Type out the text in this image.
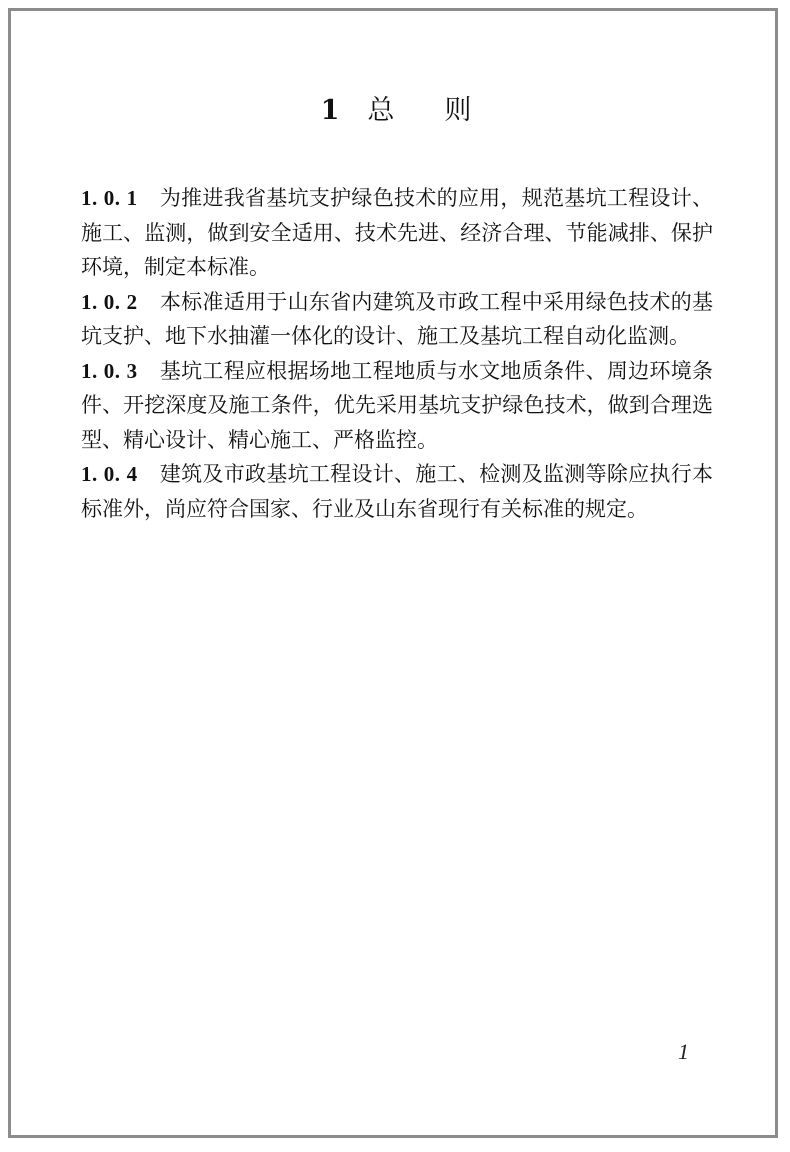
1 总则

1. 0. 1 为推进我省基坑支护绿色技术的应用，规范基坑工程设计、施工、监测，做到安全适用、技术先进、经济合理、节能减排、保护环境，制定本标准。

1. 0. 2 本标准适用于山东省内建筑及市政工程中采用绿色技术的基坑支护、地下水抽灌一体化的设计、施工及基坑工程自动化监测。

1. 0. 3 基坑工程应根据场地工程地质与水文地质条件、周边环境条件、开挖深度及施工条件，优先采用基坑支护绿色技术，做到合理选型、精心设计、精心施工、严格监控。

1. 0. 4 建筑及市政基坑工程设计、施工、检测及监测等除应执行本标准外，尚应符合国家、行业及山东省现行有关标准的规定。

1
